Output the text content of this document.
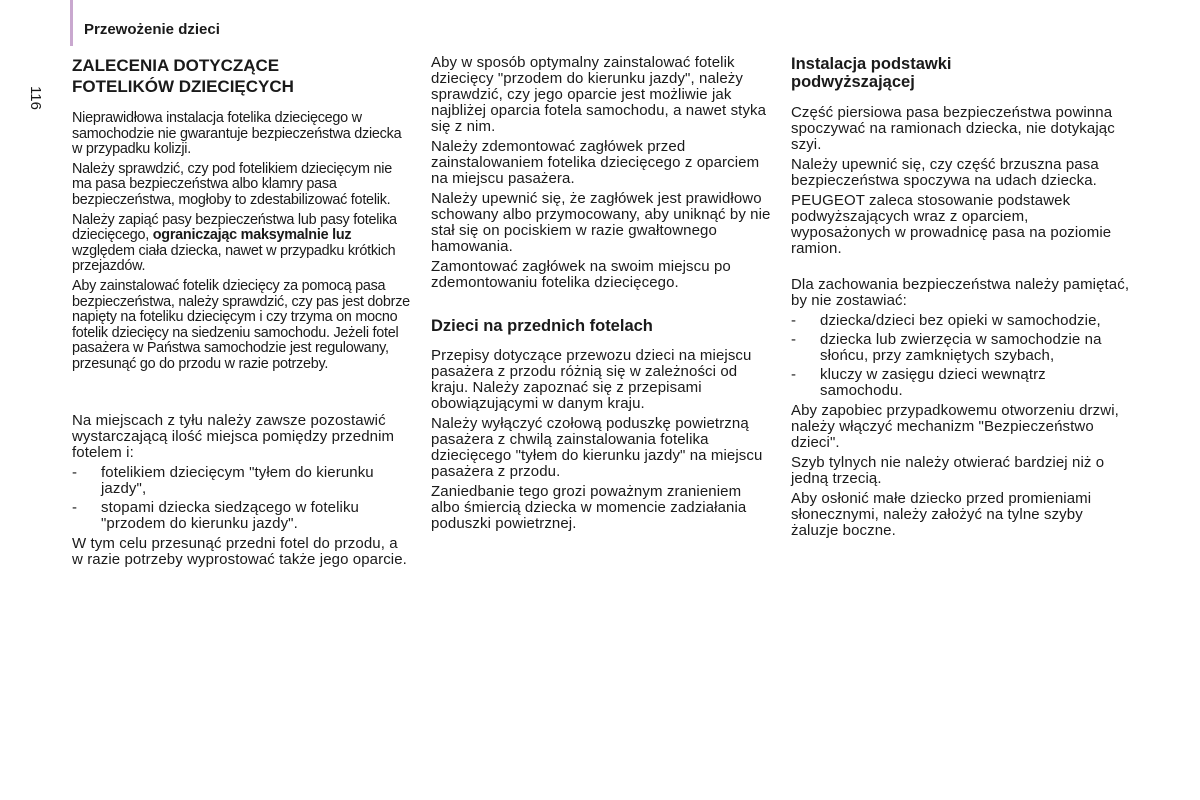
Przewożenie dzieci
116
ZALECENIA DOTYCZĄCE
FOTELIKÓW DZIECIĘCYCH

Nieprawidłowa instalacja fotelika dziecięcego w samochodzie nie gwarantuje bezpieczeństwa dziecka w przypadku kolizji.

Należy sprawdzić, czy pod fotelikiem dziecięcym nie ma pasa bezpieczeństwa albo klamry pasa bezpieczeństwa, mogłoby to zdestabilizować fotelik.

Należy zapiąć pasy bezpieczeństwa lub pasy fotelika dziecięcego, ograniczając maksymalnie luz względem ciała dziecka, nawet w przypadku krótkich przejazdów.

Aby zainstalować fotelik dziecięcy za pomocą pasa bezpieczeństwa, należy sprawdzić, czy pas jest dobrze napięty na foteliku dziecięcym i czy trzyma on mocno fotelik dziecięcy na siedzeniu samochodu. Jeżeli fotel pasażera w Państwa samochodzie jest regulowany, przesunąć go do przodu w razie potrzeby.

Na miejscach z tyłu należy zawsze pozostawić wystarczającą ilość miejsca pomiędzy przednim fotelem i:

- fotelikiem dziecięcym "tyłem do kierunku jazdy",
- stopami dziecka siedzącego w foteliku "przodem do kierunku jazdy".

W tym celu przesunąć przedni fotel do przodu, a w razie potrzeby wyprostować także jego oparcie.

Aby w sposób optymalny zainstalować fotelik dziecięcy "przodem do kierunku jazdy", należy sprawdzić, czy jego oparcie jest możliwie jak najbliżej oparcia fotela samochodu, a nawet styka się z nim.

Należy zdemontować zagłówek przed zainstalowaniem fotelika dziecięcego z oparciem na miejscu pasażera.

Należy upewnić się, że zagłówek jest prawidłowo schowany albo przymocowany, aby uniknąć by nie stał się on pociskiem w razie gwałtownego hamowania.

Zamontować zagłówek na swoim miejscu po zdemontowaniu fotelika dziecięcego.

Dzieci na przednich fotelach

Przepisy dotyczące przewozu dzieci na miejscu pasażera z przodu różnią się w zależności od kraju. Należy zapoznać się z przepisami obowiązującymi w danym kraju.

Należy wyłączyć czołową poduszkę powietrzną pasażera z chwilą zainstalowania fotelika dziecięcego "tyłem do kierunku jazdy" na miejscu pasażera z przodu.

Zaniedbanie tego grozi poważnym zranieniem albo śmiercią dziecka w momencie zadziałania poduszki powietrznej.

Instalacja podstawki
podwyższającej

Część piersiowa pasa bezpieczeństwa powinna spoczywać na ramionach dziecka, nie dotykając szyi.

Należy upewnić się, czy część brzuszna pasa bezpieczeństwa spoczywa na udach dziecka.

PEUGEOT zaleca stosowanie podstawek podwyższających wraz z oparciem, wyposażonych w prowadnicę pasa na poziomie ramion.

Dla zachowania bezpieczeństwa należy pamiętać, by nie zostawiać:

- dziecka/dzieci bez opieki w samochodzie,
- dziecka lub zwierzęcia w samochodzie na słońcu, przy zamkniętych szybach,
- kluczy w zasięgu dzieci wewnątrz samochodu.

Aby zapobiec przypadkowemu otworzeniu drzwi, należy włączyć mechanizm "Bezpieczeństwo dzieci".

Szyb tylnych nie należy otwierać bardziej niż o jedną trzecią.

Aby osłonić małe dziecko przed promieniami słonecznymi, należy założyć na tylne szyby żaluzje boczne.
